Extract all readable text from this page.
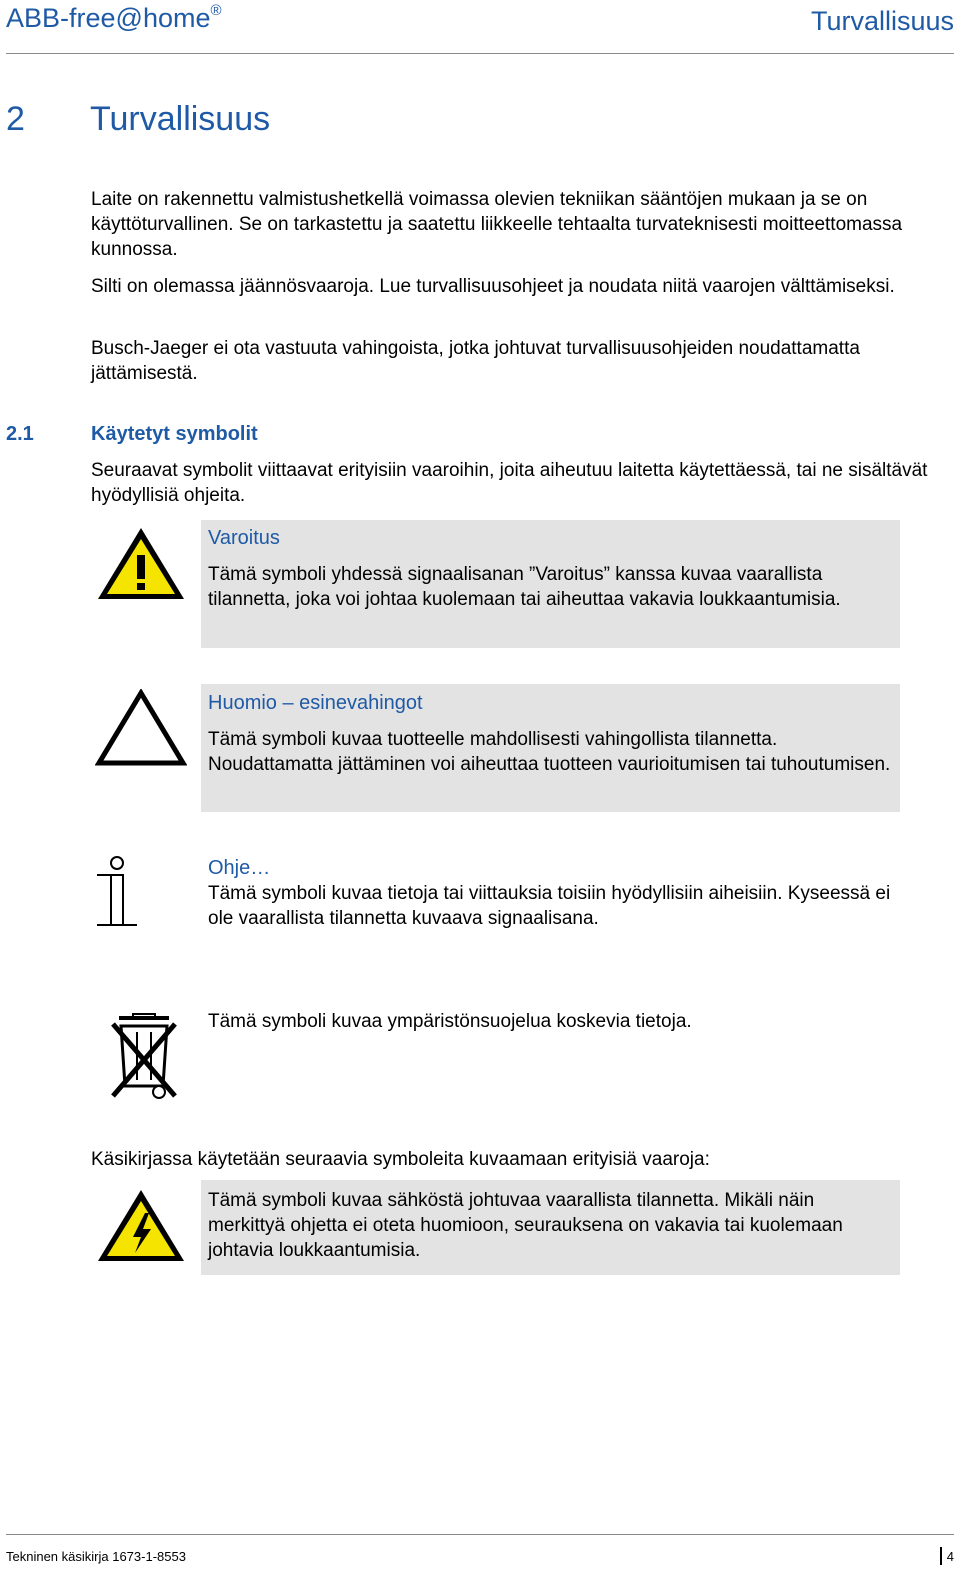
ABB-free@home®	Turvallisuus
2 Turvallisuus

Laite on rakennettu valmistushetkellä voimassa olevien tekniikan sääntöjen mukaan ja se on käyttöturvallinen. Se on tarkastettu ja saatettu liikkeelle tehtaalta turvateknisesti moitteettomassa kunnossa.

Silti on olemassa jäännösvaaroja. Lue turvallisuusohjeet ja noudata niitä vaarojen välttämiseksi.

Busch-Jaeger ei ota vastuuta vahingoista, jotka johtuvat turvallisuusohjeiden noudattamatta jättämisestä.

2.1	Käytetyt symbolit

Seuraavat symbolit viittaavat erityisiin vaaroihin, joita aiheutuu laitetta käytettäessä, tai ne sisältävät hyödyllisiä ohjeita.

Varoitus

Tämä symboli yhdessä signaalisanan ”Varoitus” kanssa kuvaa vaarallista tilannetta, joka voi johtaa kuolemaan tai aiheuttaa vakavia loukkaantumisia.

Huomio – esinevahingot

Tämä symboli kuvaa tuotteelle mahdollisesti vahingollista tilannetta. Noudattamatta jättäminen voi aiheuttaa tuotteen vaurioitumisen tai tuhoutumisen.

Ohje…

Tämä symboli kuvaa tietoja tai viittauksia toisiin hyödyllisiin aiheisiin. Kyseessä ei ole vaarallista tilannetta kuvaava signaalisana.

Tämä symboli kuvaa ympäristönsuojelua koskevia tietoja.

Käsikirjassa käytetään seuraavia symboleita kuvaamaan erityisiä vaaroja:

Tämä symboli kuvaa sähköstä johtuvaa vaarallista tilannetta. Mikäli näin merkittyä ohjetta ei oteta huomioon, seurauksena on vakavia tai kuolemaan johtavia loukkaantumisia.

Tekninen käsikirja 1673-1-8553	4
